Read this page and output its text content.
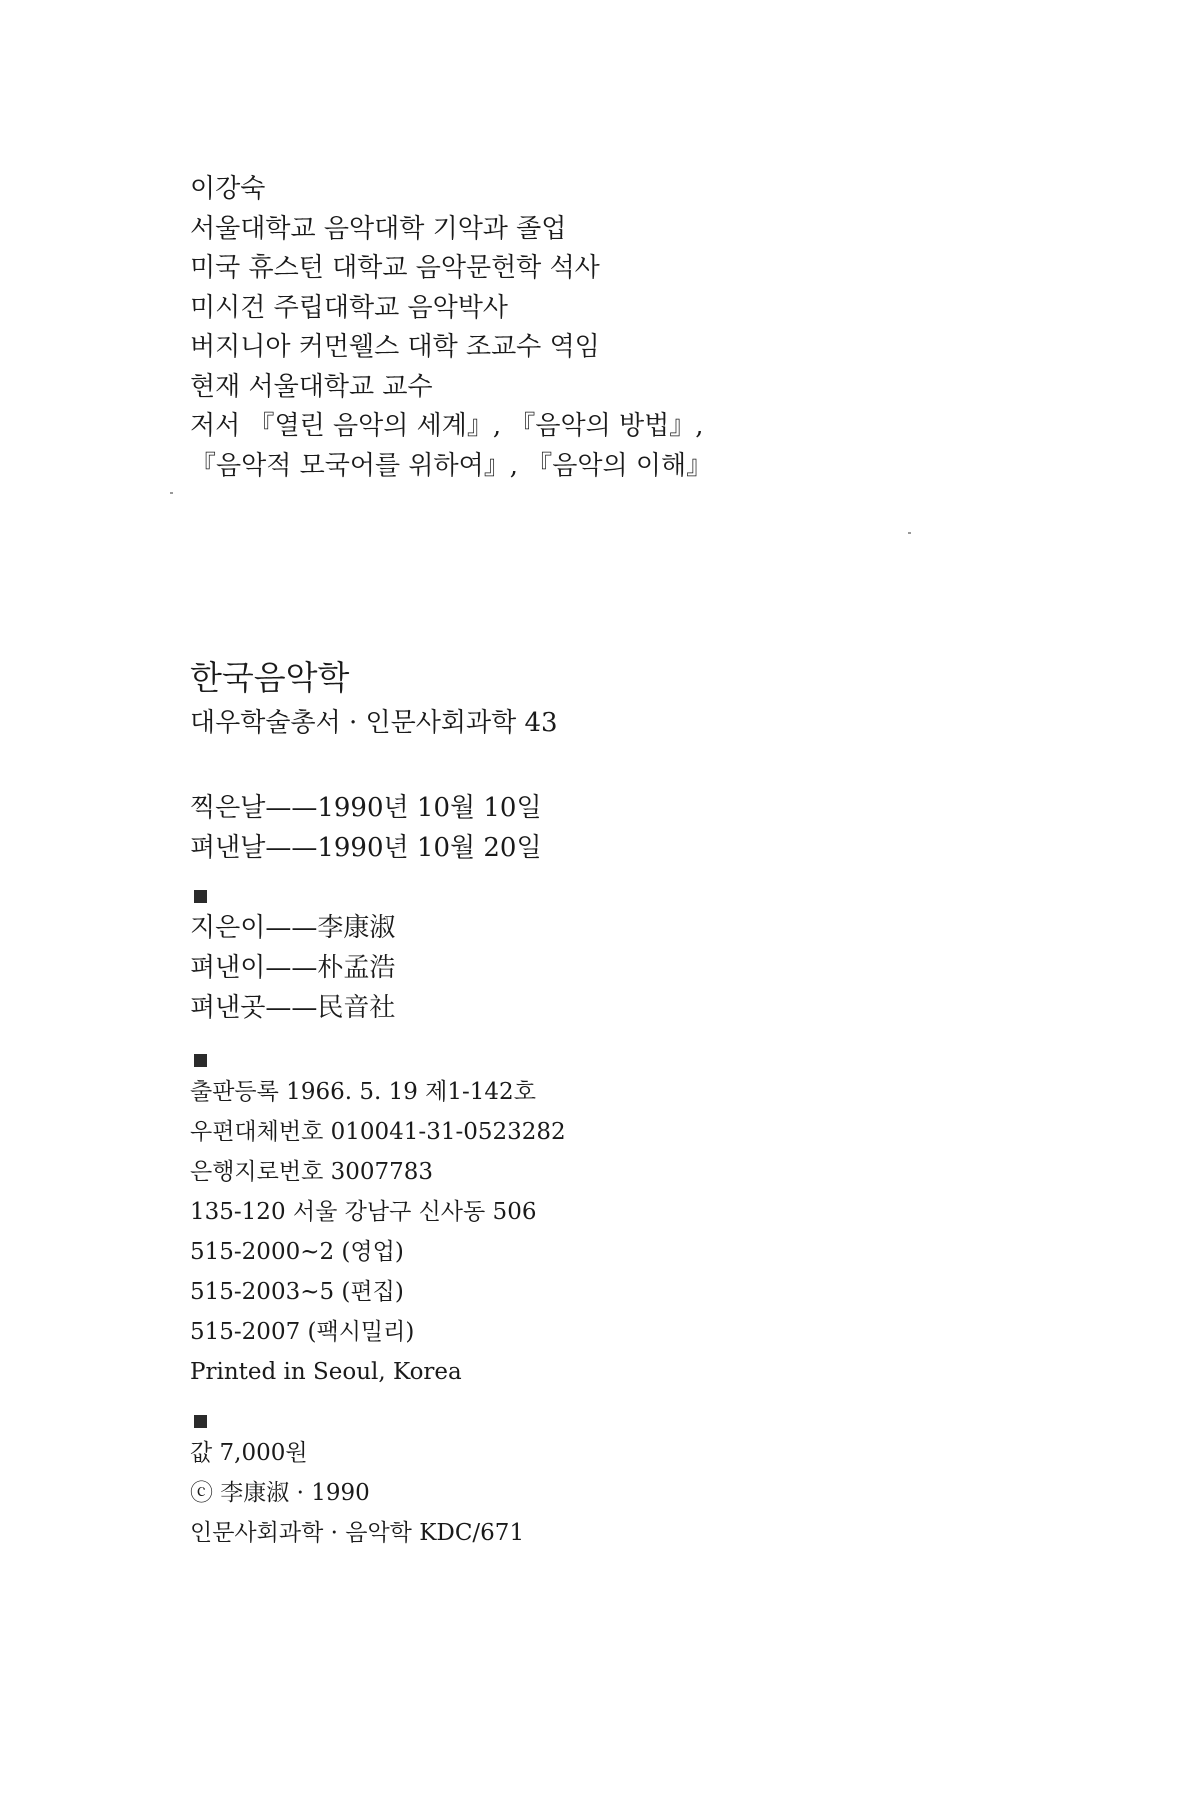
이강숙
서울대학교 음악대학 기악과 졸업
미국 휴스턴 대학교 음악문헌학 석사
미시건 주립대학교 음악박사
버지니아 커먼웰스 대학 조교수 역임
현재 서울대학교 교수
저서 『열린 음악의 세계』, 『음악의 방법』,
『음악적 모국어를 위하여』, 『음악의 이해』
한국음악학
대우학술총서 · 인문사회과학 43
찍은날——1990년 10월 10일
펴낸날——1990년 10월 20일
지은이——李康淑
펴낸이——朴孟浩
펴낸곳——民音社
출판등록 1966. 5. 19 제1-142호
우편대체번호 010041-31-0523282
은행지로번호 3007783
135-120 서울 강남구 신사동 506
515-2000~2 (영업)
515-2003~5 (편집)
515-2007 (팩시밀리)
Printed in Seoul, Korea
값 7,000원
ⓒ 李康淑 · 1990
인문사회과학 · 음악학 KDC/671
